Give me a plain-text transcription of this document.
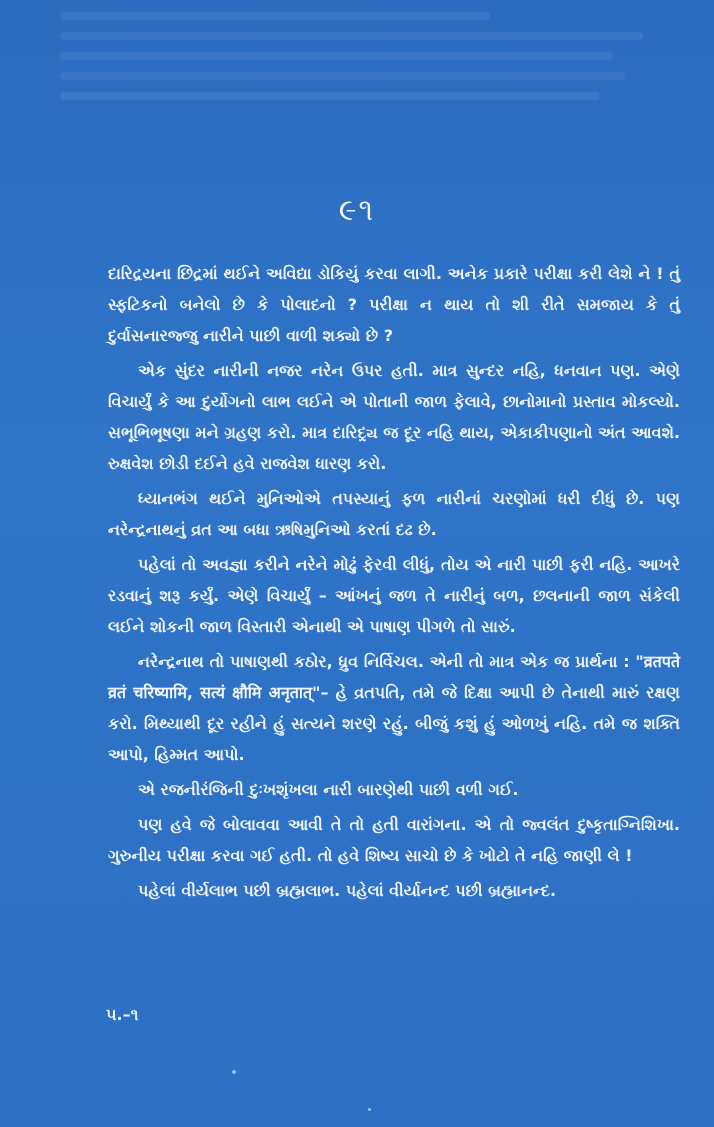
૯૧

દારિદ્રયના છિદ્રમાં થઈને અવિદ્યા ડોકિયું કરવા લાગી. અનેક પ્રકારે પરીક્ષા કરી લેશે ને ! તું સ્ફટિકનો બનેલો છે કે પોલાદનો ? પરીક્ષા ન થાય તો શી રીતે સમજાય કે તું દુર્વાસનારજ્જુ નારીને પાછી વાળી શક્યો છે ?

એક સુંદર નારીની નજર નરેન ઉપર હતી. માત્ર સુન્દર નહિ, ધનવાન પણ. એણે વિચાર્યું કે આ દુર્યોગનો લાભ લઈને એ પોતાની જાળ ફેલાવે, છાનોમાનો પ્રસ્તાવ મોકલ્યો. સભૂભિભૂષણા મને ગ્રહણ કરો. માત્ર દારિદ્ર્ય જ દૂર નહિ થાય, એકાકીપણાનો અંત આવશે. રુક્ષવેશ છોડી દઈને હવે રાજવેશ ધારણ કરો.

ધ્યાનભંગ થઈને મુનિઓએ તપસ્યાનું ફળ નારીનાં ચરણોમાં ધરી દીધું છે. પણ નરેન્દ્રનાથનું વ્રત આ બધા ઋષિમુનિઓ કરતાં દઢ છે.

પહેલાં તો અવજ્ઞા કરીને નરેને મોઢું ફેરવી લીધું, તોય એ નારી પાછી ફરી નહિ. આખરે રડવાનું શરૂ કર્યું. એણે વિચાર્યું – આંખનું જળ તે નારીનું બળ, છલનાની જાળ સંકેલી લઈને શોકની જાળ વિસ્તારી એનાથી એ પાષાણ પીગળે તો સારું.

નરેન્દ્રનાથ તો પાષાણથી કઠોર, ધ્રુવ નિર્વિચલ. એની તો માત્ર એક જ પ્રાર્થના : "व्रतपते व्रतं चरिष्यामि, सत्यं क्षौमि अनृतात्"– હે વ્રતપતિ, તમે જે દિક્ષા આપી છે તેનાથી મારું રક્ષણ કરો. મિથ્યાથી દૂર રહીને હું સત્યને શરણે રહું. બીજું કશું હું ઓળખું નહિ. તમે જ શક્તિ આપો, હિમ્મત આપો.

એ રજનીરંજિની દુઃખશૃંખલા નારી બારણેથી પાછી વળી ગઈ.

પણ હવે જે બોલાવવા આવી તે તો હતી વારાંગના. એ તો જ્વલંત દુષ્કૃતાગ્નિશિખા. ગુરુનીય પરીક્ષા કરવા ગઈ હતી. તો હવે શિષ્ય સાચો છે કે ખોટો તે નહિ જાણી લે !

પહેલાં વીર્યલાભ પછી બ્રહ્મલાભ. પહેલાં વીર્યાનન્દ પછી બ્રહ્માનન્દ.

૫.–૧
